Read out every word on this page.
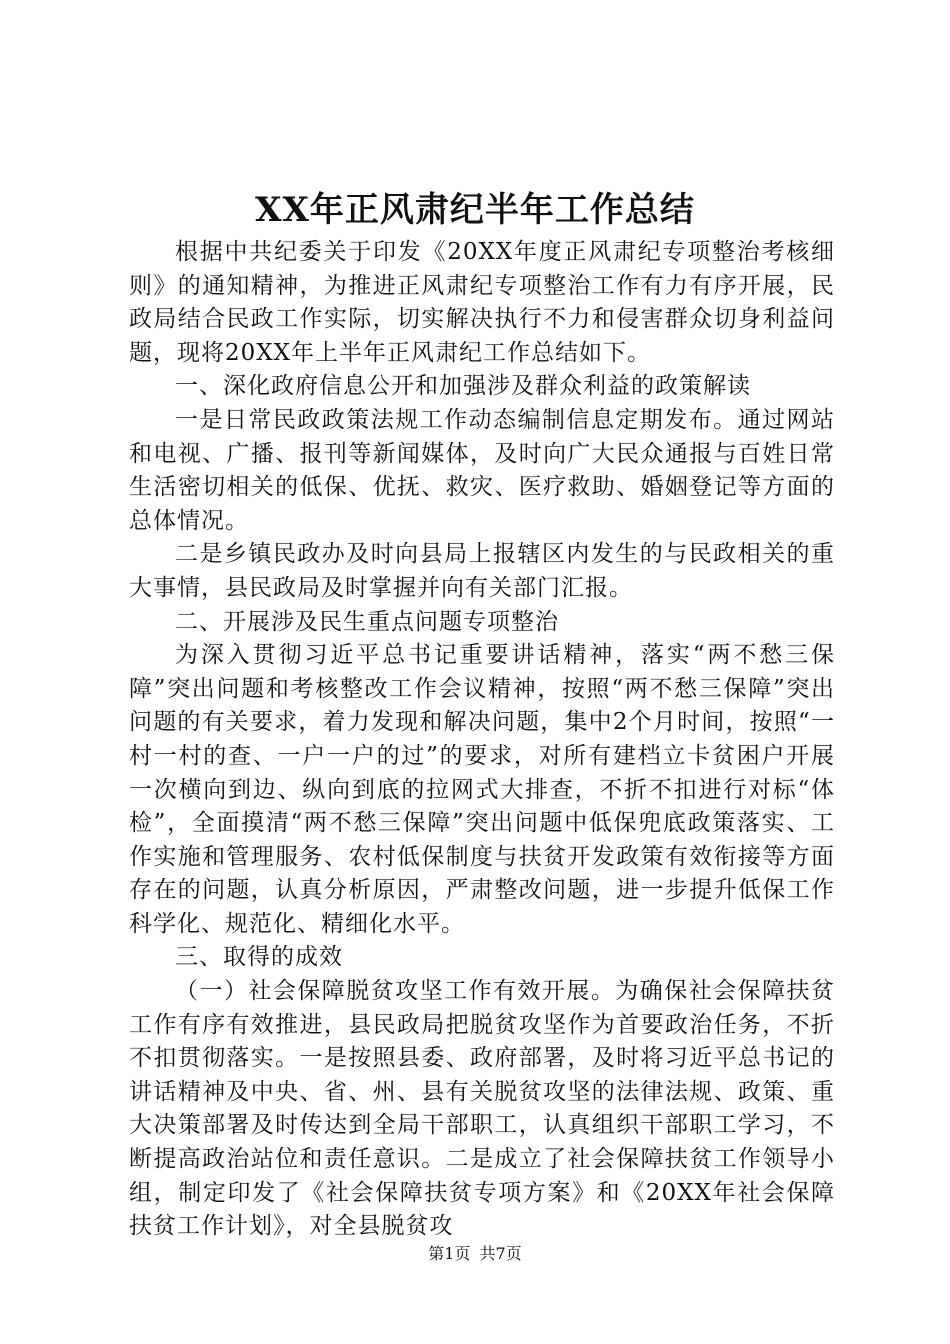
XX年正风肃纪半年工作总结

根据中共纪委关于印发《20XX年度正风肃纪专项整治考核细则》的通知精神，为推进正风肃纪专项整治工作有力有序开展，民政局结合民政工作实际，切实解决执行不力和侵害群众切身利益问题，现将20XX年上半年正风肃纪工作总结如下。

一、深化政府信息公开和加强涉及群众利益的政策解读

一是日常民政政策法规工作动态编制信息定期发布。通过网站和电视、广播、报刊等新闻媒体，及时向广大民众通报与百姓日常生活密切相关的低保、优抚、救灾、医疗救助、婚姻登记等方面的总体情况。

二是乡镇民政办及时向县局上报辖区内发生的与民政相关的重大事情，县民政局及时掌握并向有关部门汇报。

二、开展涉及民生重点问题专项整治

为深入贯彻习近平总书记重要讲话精神，落实“两不愁三保障”突出问题和考核整改工作会议精神，按照“两不愁三保障”突出问题的有关要求，着力发现和解决问题，集中2个月时间，按照“一村一村的查、一户一户的过”的要求，对所有建档立卡贫困户开展一次横向到边、纵向到底的拉网式大排查，不折不扣进行对标“体检”，全面摸清“两不愁三保障”突出问题中低保兜底政策落实、工作实施和管理服务、农村低保制度与扶贫开发政策有效衔接等方面存在的问题，认真分析原因，严肃整改问题，进一步提升低保工作科学化、规范化、精细化水平。

三、取得的成效

（一）社会保障脱贫攻坚工作有效开展。为确保社会保障扶贫工作有序有效推进，县民政局把脱贫攻坚作为首要政治任务，不折不扣贯彻落实。一是按照县委、政府部署，及时将习近平总书记的讲话精神及中央、省、州、县有关脱贫攻坚的法律法规、政策、重大决策部署及时传达到全局干部职工，认真组织干部职工学习，不断提高政治站位和责任意识。二是成立了社会保障扶贫工作领导小组，制定印发了《社会保障扶贫专项方案》和《20XX年社会保障扶贫工作计划》，对全县脱贫攻

第1页 共7页
